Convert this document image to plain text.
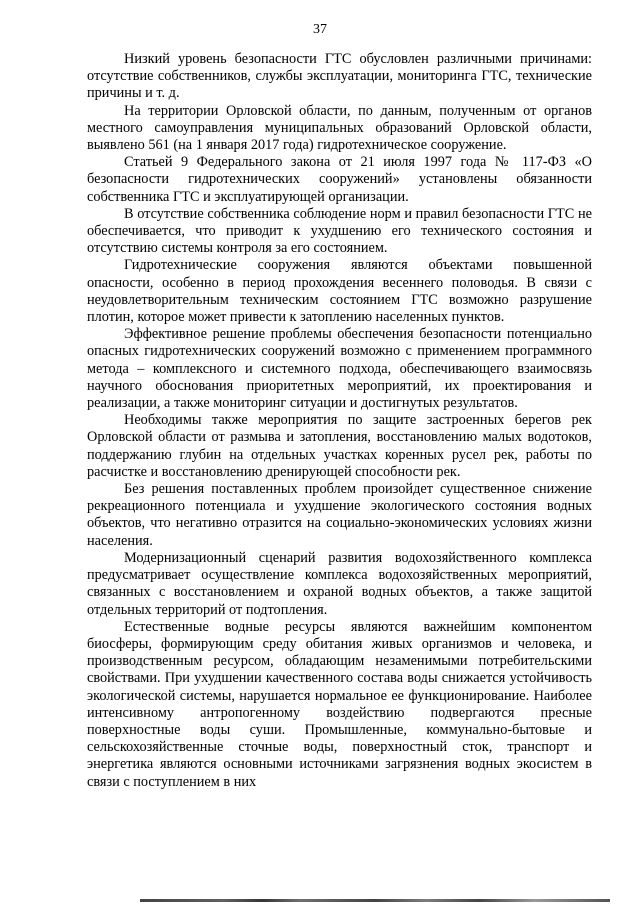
37

Низкий уровень безопасности ГТС обусловлен различными причинами: отсутствие собственников, службы эксплуатации, мониторинга ГТС, технические причины и т. д.

На территории Орловской области, по данным, полученным от органов местного самоуправления муниципальных образований Орловской области, выявлено 561 (на 1 января 2017 года) гидротехническое сооружение.

Статьей 9 Федерального закона от 21 июля 1997 года № 117-ФЗ «О безопасности гидротехнических сооружений» установлены обязанности собственника ГТС и эксплуатирующей организации.

В отсутствие собственника соблюдение норм и правил безопасности ГТС не обеспечивается, что приводит к ухудшению его технического состояния и отсутствию системы контроля за его состоянием.

Гидротехнические сооружения являются объектами повышенной опасности, особенно в период прохождения весеннего половодья. В связи с неудовлетворительным техническим состоянием ГТС возможно разрушение плотин, которое может привести к затоплению населенных пунктов.

Эффективное решение проблемы обеспечения безопасности потенциально опасных гидротехнических сооружений возможно с применением программного метода – комплексного и системного подхода, обеспечивающего взаимосвязь научного обоснования приоритетных мероприятий, их проектирования и реализации, а также мониторинг ситуации и достигнутых результатов.

Необходимы также мероприятия по защите застроенных берегов рек Орловской области от размыва и затопления, восстановлению малых водотоков, поддержанию глубин на отдельных участках коренных русел рек, работы по расчистке и восстановлению дренирующей способности рек.

Без решения поставленных проблем произойдет существенное снижение рекреационного потенциала и ухудшение экологического состояния водных объектов, что негативно отразится на социально-экономических условиях жизни населения.

Модернизационный сценарий развития водохозяйственного комплекса предусматривает осуществление комплекса водохозяйственных мероприятий, связанных с восстановлением и охраной водных объектов, а также защитой отдельных территорий от подтопления.

Естественные водные ресурсы являются важнейшим компонентом биосферы, формирующим среду обитания живых организмов и человека, и производственным ресурсом, обладающим незаменимыми потребительскими свойствами. При ухудшении качественного состава воды снижается устойчивость экологической системы, нарушается нормальное ее функционирование. Наиболее интенсивному антропогенному воздействию подвергаются пресные поверхностные воды суши. Промышленные, коммунально-бытовые и сельскохозяйственные сточные воды, поверхностный сток, транспорт и энергетика являются основными источниками загрязнения водных экосистем в связи с поступлением в них
